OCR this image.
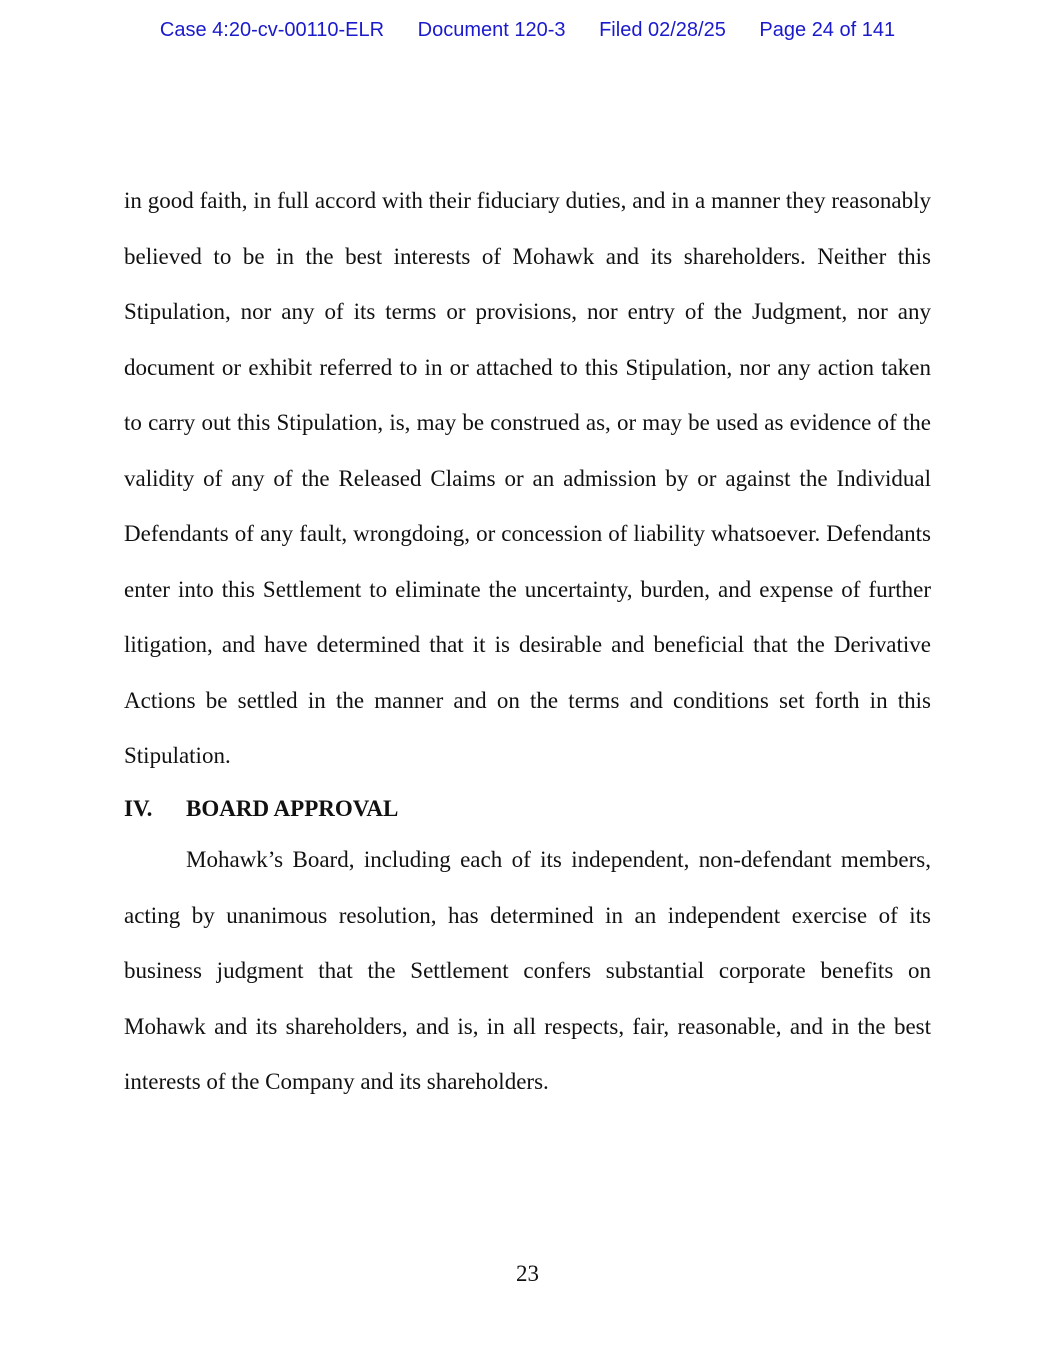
Case 4:20-cv-00110-ELR Document 120-3 Filed 02/28/25 Page 24 of 141

in good faith, in full accord with their fiduciary duties, and in a manner they reasonably believed to be in the best interests of Mohawk and its shareholders. Neither this Stipulation, nor any of its terms or provisions, nor entry of the Judgment, nor any document or exhibit referred to in or attached to this Stipulation, nor any action taken to carry out this Stipulation, is, may be construed as, or may be used as evidence of the validity of any of the Released Claims or an admission by or against the Individual Defendants of any fault, wrongdoing, or concession of liability whatsoever. Defendants enter into this Settlement to eliminate the uncertainty, burden, and expense of further litigation, and have determined that it is desirable and beneficial that the Derivative Actions be settled in the manner and on the terms and conditions set forth in this Stipulation.

IV. BOARD APPROVAL

Mohawk’s Board, including each of its independent, non-defendant members, acting by unanimous resolution, has determined in an independent exercise of its business judgment that the Settlement confers substantial corporate benefits on Mohawk and its shareholders, and is, in all respects, fair, reasonable, and in the best interests of the Company and its shareholders.

23
